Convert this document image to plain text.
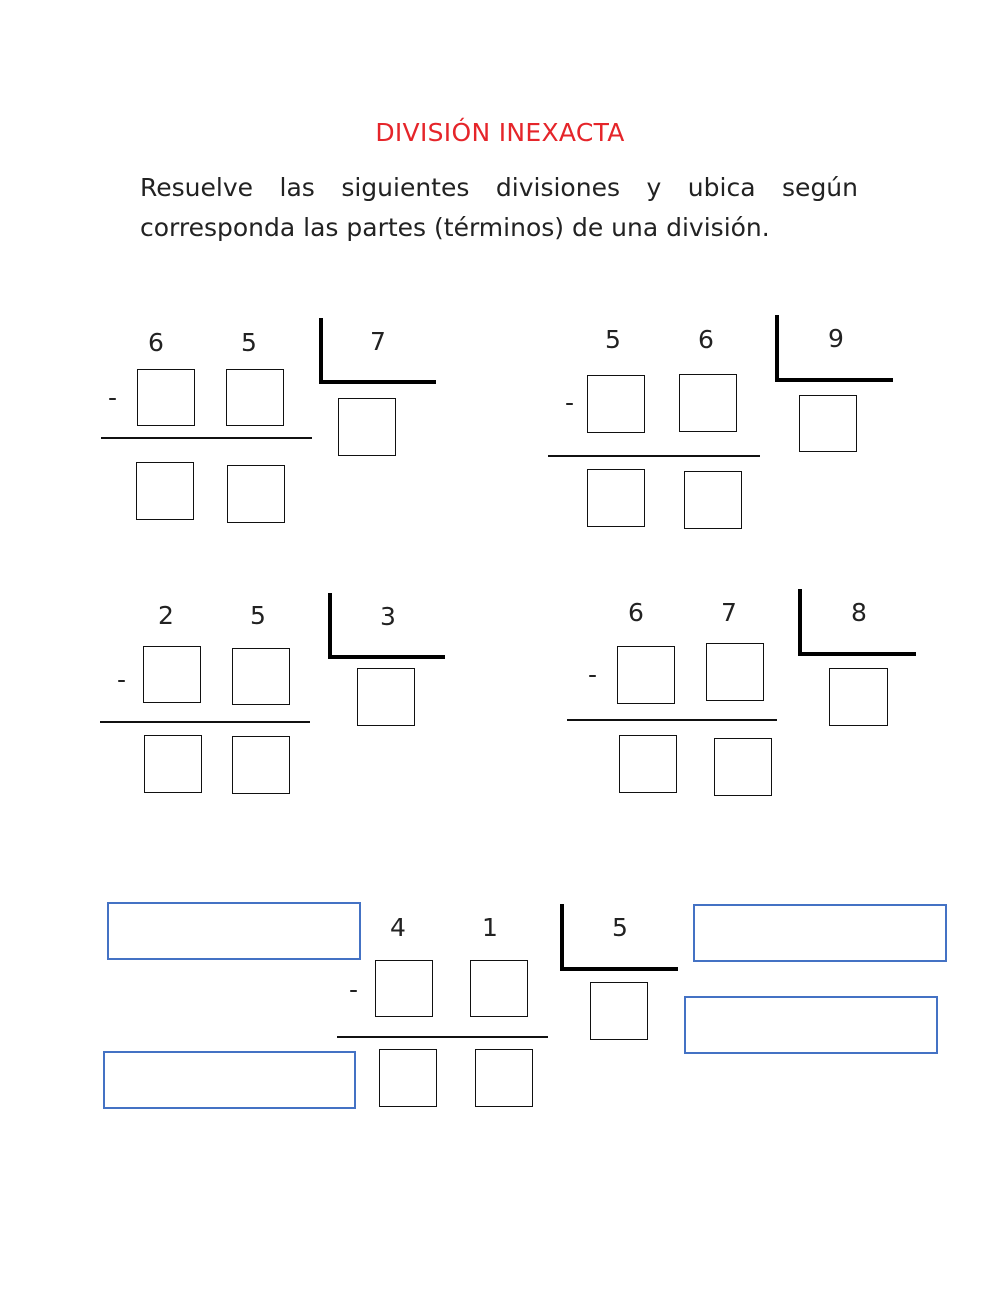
DIVISIÓN INEXACTA
Resuelve las siguientes divisiones y ubica según corresponda las partes (términos) de una división.
6	5	7
-
5	6	9
-
2	5	3
-
6	7	8
-
4	1	5
-
